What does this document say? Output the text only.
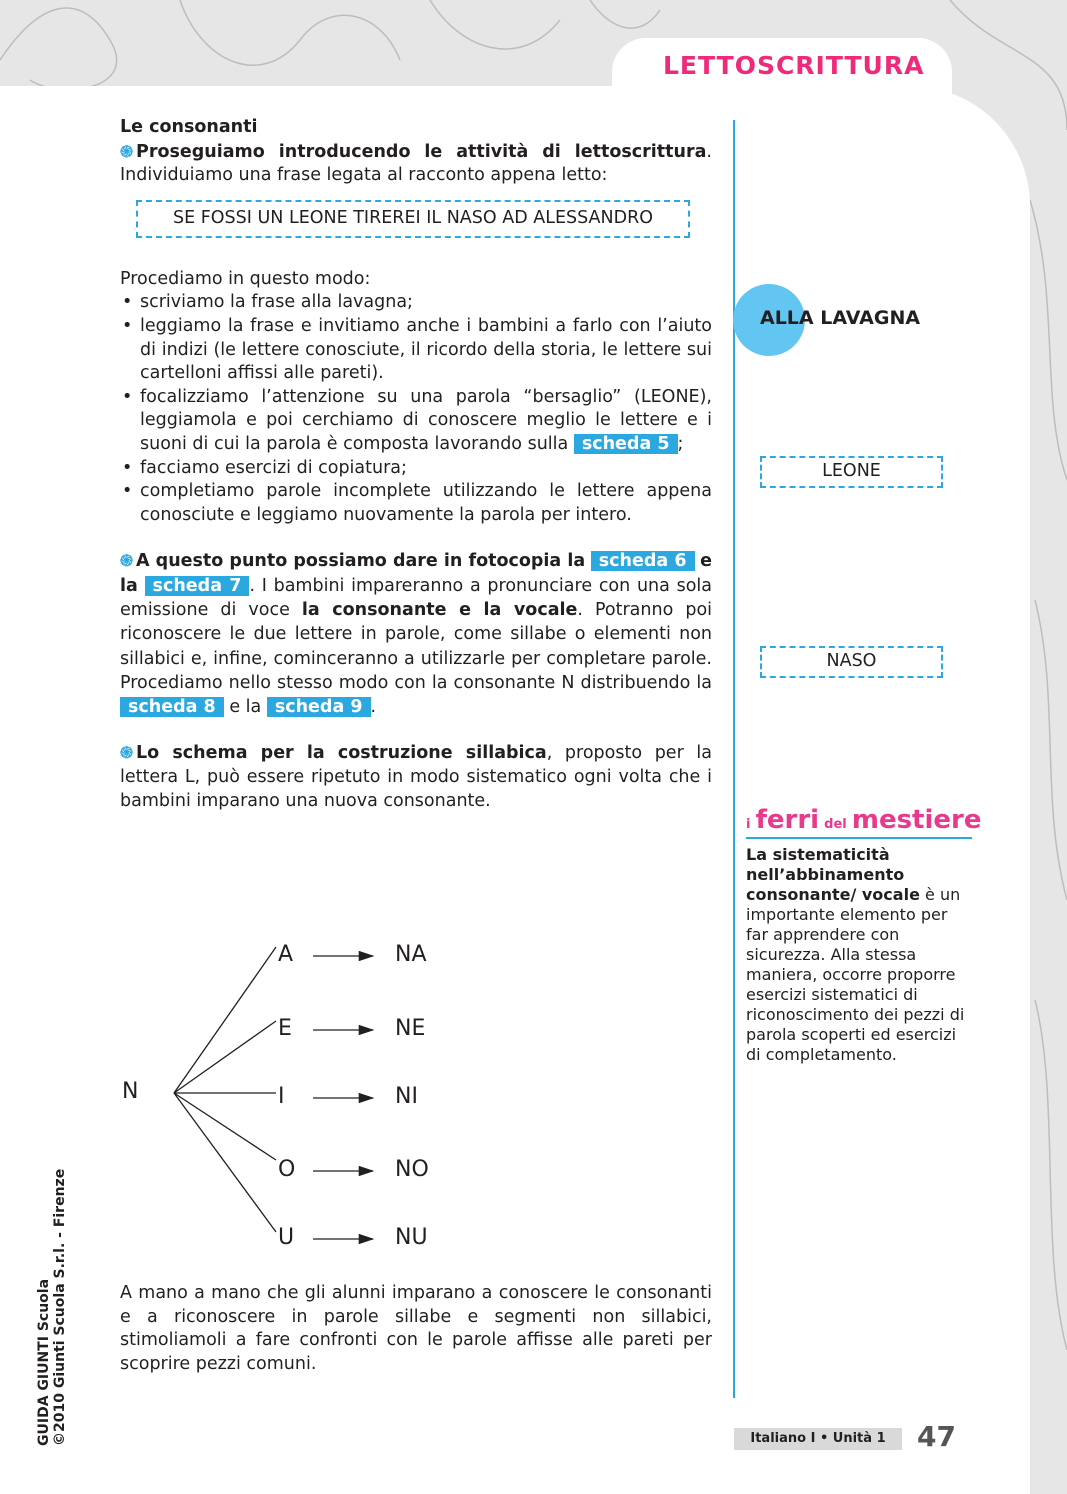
LETTOSCRITTURA

Le consonanti

֍ Proseguiamo introducendo le attività di lettoscrittura. Individuiamo una frase legata al racconto appena letto:

SE FOSSI UN LEONE TIREREI IL NASO AD ALESSANDRO

Procediamo in questo modo:

• scriviamo la frase alla lavagna;
• leggiamo la frase e invitiamo anche i bambini a farlo con l’aiuto di indizi (le lettere conosciute, il ricordo della storia, le lettere sui cartelloni affissi alle pareti).
• focalizziamo l’attenzione su una parola “bersaglio” (LEONE), leggiamola e poi cerchiamo di conoscere meglio le lettere e i suoni di cui la parola è composta lavorando sulla scheda 5 ;
• facciamo esercizi di copiatura;
• completiamo parole incomplete utilizzando le lettere appena conosciute e leggiamo nuovamente la parola per intero.

֍ A questo punto possiamo dare in fotocopia la scheda 6 e la scheda 7 . I bambini impareranno a pronunciare con una sola emissione di voce la consonante e la vocale. Potranno poi riconoscere le due lettere in parole, come sillabe o elementi non sillabici e, infine, cominceranno a utilizzarle per completare parole. Procediamo nello stesso modo con la consonante N distribuendo la scheda 8 e la scheda 9 .

֍ Lo schema per la costruzione sillabica, proposto per la lettera L, può essere ripetuto in modo sistematico ogni volta che i bambini imparano una nuova consonante.

N
A
E
I
O
U
NA
NE
NI
NO
NU

A mano a mano che gli alunni imparano a conoscere le consonanti e a riconoscere in parole sillabe e segmenti non sillabici, stimoliamoli a fare confronti con le parole affisse alle pareti per scoprire pezzi comuni.

ALLA LAVAGNA
LEONE
NASO
i ferri del mestiere

La sistematicità nell’abbinamento consonante/ vocale è un importante elemento per far apprendere con sicurezza. Alla stessa maniera, occorre proporre esercizi sistematici di riconoscimento dei pezzi di parola scoperti ed esercizi di completamento.

GUIDA GIUNTI Scuola ©2010 Giunti Scuola S.r.l. - Firenze	Italiano I • Unità 1	47
